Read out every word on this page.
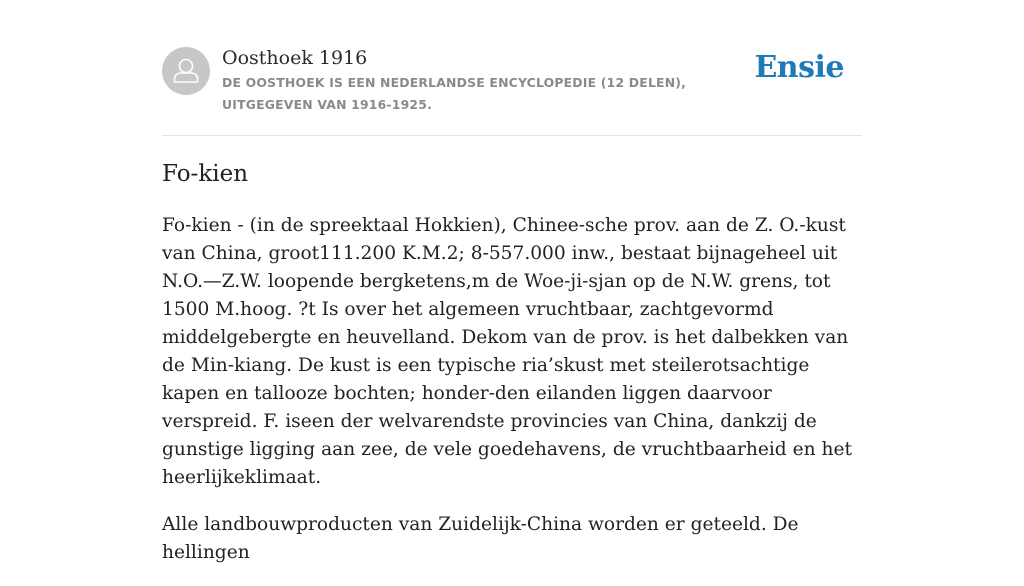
Oosthoek 1916
DE OOSTHOEK IS EEN NEDERLANDSE ENCYCLOPEDIE (12 DELEN), UITGEGEVEN VAN 1916-1925.
Ensie
Fo-kien

Fo-kien - (in de spreektaal Hokkien), Chinee-sche prov. aan de Z. O.-kust van China, groot111.200 K.M.2; 8-557.000 inw., bestaat bijnageheel uit N.O.—Z.W. loopende bergketens,m de Woe-ji-sjan op de N.W. grens, tot 1500 M.hoog. ?t Is over het algemeen vruchtbaar, zachtgevormd middelgebergte en heuvelland. Dekom van de prov. is het dalbekken van de Min-kiang. De kust is een typische ria’skust met steilerotsachtige kapen en tallooze bochten; honder-den eilanden liggen daarvoor verspreid. F. iseen der welvarendste provincies van China, dankzij de gunstige ligging aan zee, de vele goedehavens, de vruchtbaarheid en het heerlijkeklimaat.

Alle landbouwproducten van Zuidelijk-China worden er geteeld. De hellingen
